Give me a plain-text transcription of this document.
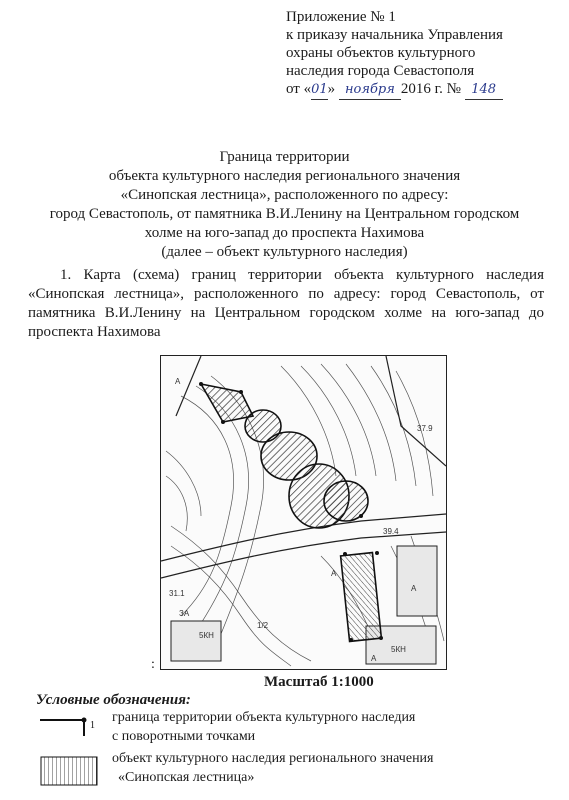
Приложение № 1
к приказу начальника Управления
охраны объектов культурного
наследия города Севастополя
от «01» ноября 2016 г. № 148
Граница территории
объекта культурного наследия регионального значения
«Синопская лестница», расположенного по адресу:
город Севастополь, от памятника В.И.Ленину на Центральном городском
холме на юго-запад до проспекта Нахимова
(далее – объект культурного наследия)

1. Карта (схема) границ территории объекта культурного наследия «Синопская лестница», расположенного по адресу: город Севастополь, от памятника В.И.Ленину на Центральном городском холме на юго-запад до проспекта Нахимова

A
A
A
A
37.9
31.1
5КН
ЗА
1/2
39.4
5КН
:
Масштаб 1:1000
Условные обозначения:
1
граница территории объекта культурного наследия
с поворотными точками
объект культурного наследия регионального значения
«Синопская лестница»
